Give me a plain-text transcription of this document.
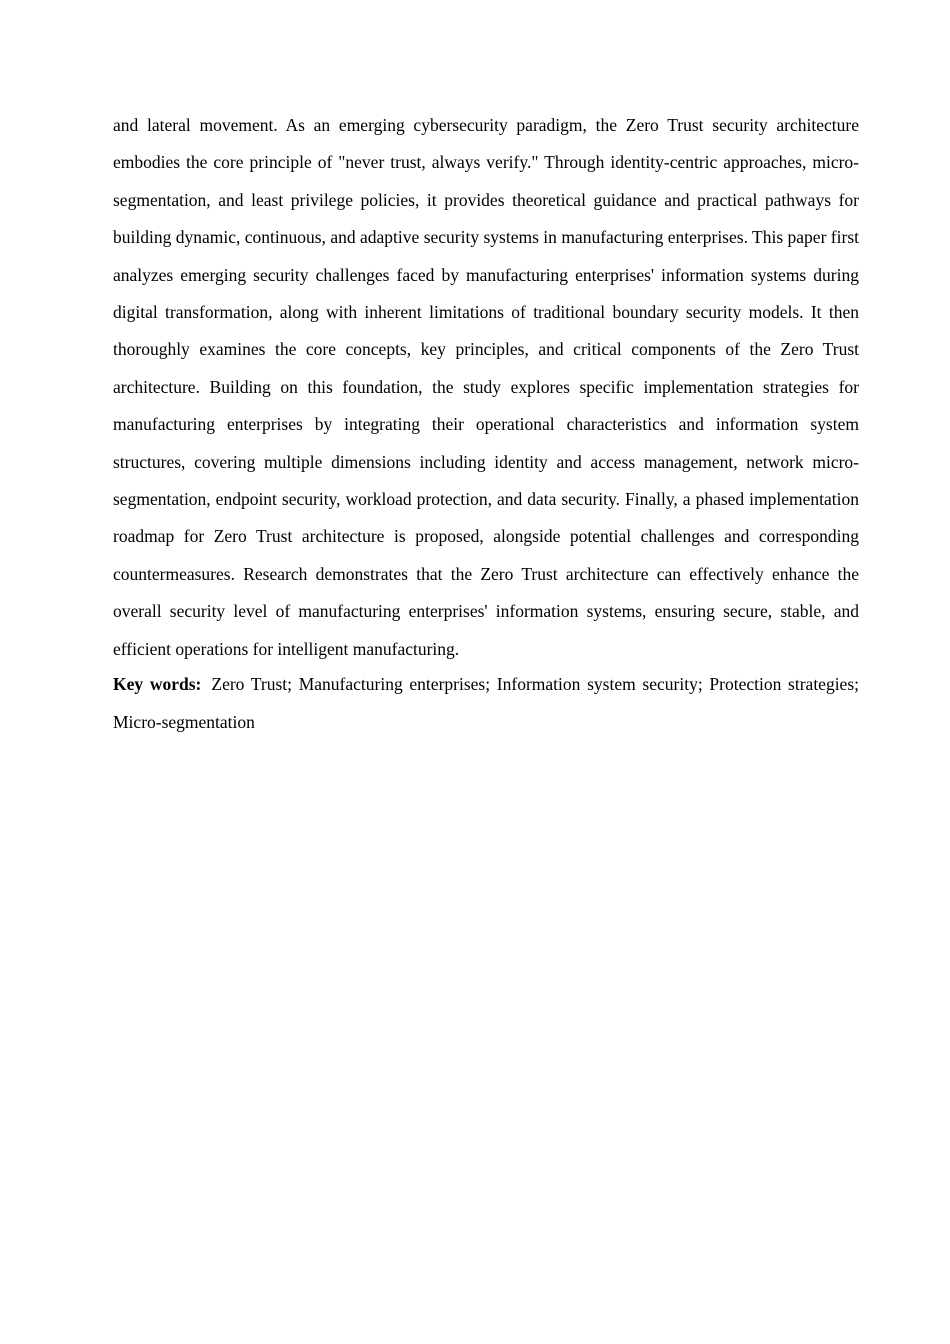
and lateral movement. As an emerging cybersecurity paradigm, the Zero Trust security architecture embodies the core principle of "never trust, always verify." Through identity-centric approaches, micro-segmentation, and least privilege policies, it provides theoretical guidance and practical pathways for building dynamic, continuous, and adaptive security systems in manufacturing enterprises. This paper first analyzes emerging security challenges faced by manufacturing enterprises' information systems during digital transformation, along with inherent limitations of traditional boundary security models. It then thoroughly examines the core concepts, key principles, and critical components of the Zero Trust architecture. Building on this foundation, the study explores specific implementation strategies for manufacturing enterprises by integrating their operational characteristics and information system structures, covering multiple dimensions including identity and access management, network micro-segmentation, endpoint security, workload protection, and data security. Finally, a phased implementation roadmap for Zero Trust architecture is proposed, alongside potential challenges and corresponding countermeasures. Research demonstrates that the Zero Trust architecture can effectively enhance the overall security level of manufacturing enterprises' information systems, ensuring secure, stable, and efficient operations for intelligent manufacturing.

Key words: Zero Trust; Manufacturing enterprises; Information system security; Protection strategies; Micro-segmentation
